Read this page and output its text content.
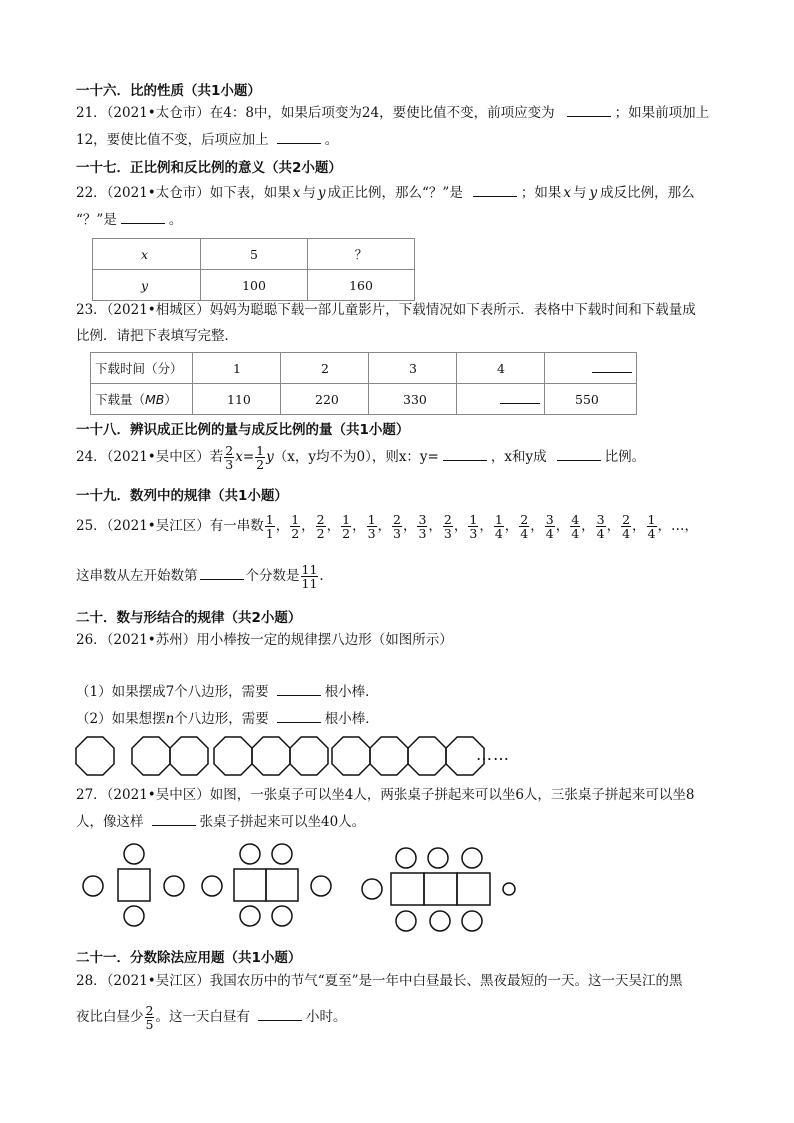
一十六．比的性质（共1小题）
21．（2021•太仓市）在4：8中，如果后项变为24，要使比值不变，前项应变为	；如果前项加上
12，要使比值不变，后项应加上	。
一十七．正比例和反比例的意义（共2小题）
22．（2021•太仓市）如下表，如果 x 与 y 成正比例，那么“？”是	；如果 x 与 y 成反比例，那么
“？”是	。
x	5	？
y	100	160
23．（2021•相城区）妈妈为聪聪下载一部儿童影片，下载情况如下表所示．表格中下载时间和下载量成
比例．请把下表填写完整．
下载时间（分）	1	2	3	4	
下载量（MB）	110	220	330		550
一十八．辨识成正比例的量与成反比例的量（共1小题）
24．（2021•吴中区）若 $\frac{2}{3} x= \frac{1}{2} y(x$，y均不为0），则x：y=	，x和y成	比例。
一十九．数列中的规律（共1小题）
25．（2021•吴江区）有一串数 $\frac{1}{1}$ ， $\frac{1}{2}$ ， $\frac{2}{2}$ ， $\frac{1}{2}$ ， $\frac{1}{3}$ ， $\frac{2}{3}$ ， $\frac{3}{3}$ ， $\frac{2}{3}$ ， $\frac{1}{3}$ ， $\frac{1}{4}$ ， $\frac{2}{4}$ ， $\frac{3}{4}$ ， $\frac{4}{4}$ ， $\frac{3}{4}$ ， $\frac{2}{4}$ ， $\frac{1}{4}$ ，…，
这串数从左开始数第	个分数是 $\frac{11}{11}$ .
二十．数与形结合的规律（共2小题）
26．（2021•苏州）用小棒按一定的规律摆八边形（如图所示）
（1）如果摆成7个八边形，需要	根小棒．
（2）如果想摆n个八边形，需要	根小棒．
……
27．（2021•吴中区）如图，一张桌子可以坐4人，两张桌子拼起来可以坐6人，三张桌子拼起来可以坐8
人，像这样	张桌子拼起来可以坐40人。
二十一．分数除法应用题（共1小题）
28．（2021•吴江区）我国农历中的节气“夏至”是一年中白昼最长、黑夜最短的一天。这一天吴江的黑
夜比白昼少 $\frac{2}{5}$ 。这一天白昼有	小时。
